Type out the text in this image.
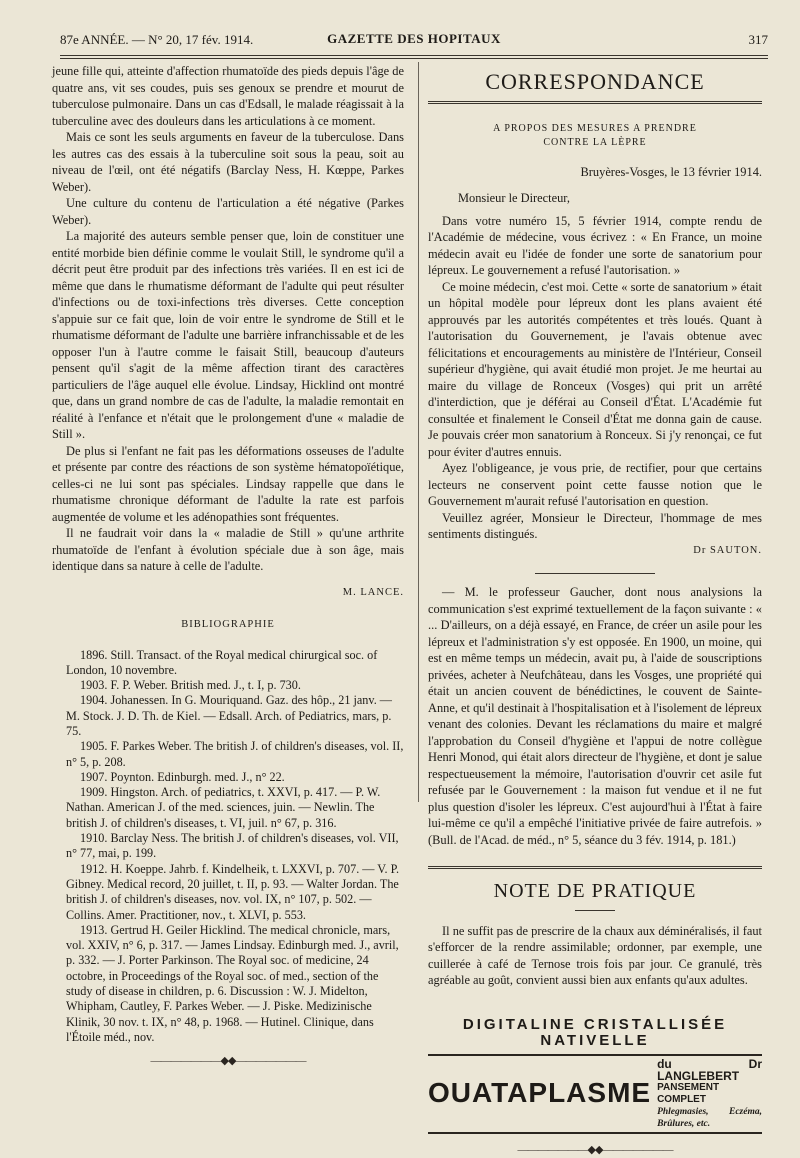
87e ANNÉE. — N° 20, 17 fév. 1914.	GAZETTE DES HOPITAUX	317

jeune fille qui, atteinte d'affection rhumatoïde des pieds depuis l'âge de quatre ans, vit ses coudes, puis ses genoux se prendre et mourut de tuberculose pulmonaire. Dans un cas d'Edsall, le malade réagissait à la tuberculine avec des douleurs dans les articulations à ce moment.

Mais ce sont les seuls arguments en faveur de la tuberculose. Dans les autres cas des essais à la tuberculine soit sous la peau, soit au niveau de l'œil, ont été négatifs (Barclay Ness, H. Kœppe, Parkes Weber).

Une culture du contenu de l'articulation a été négative (Parkes Weber).

La majorité des auteurs semble penser que, loin de constituer une entité morbide bien définie comme le voulait Still, le syndrome qu'il a décrit peut être produit par des infections très variées. Il en est ici de même que dans le rhumatisme déformant de l'adulte qui peut résulter d'infections ou de toxi-infections très diverses. Cette conception s'appuie sur ce fait que, loin de voir entre le syndrome de Still et le rhumatisme déformant de l'adulte une barrière infranchissable et de les opposer l'un à l'autre comme le faisait Still, beaucoup d'auteurs pensent qu'il s'agit de la même affection tirant des caractères particuliers de l'âge auquel elle évolue. Lindsay, Hicklind ont montré que, dans un grand nombre de cas de l'adulte, la maladie remontait en réalité à l'enfance et n'était que le prolongement d'une « maladie de Still ».

De plus si l'enfant ne fait pas les déformations osseuses de l'adulte et présente par contre des réactions de son système hématopoïétique, celles-ci ne lui sont pas spéciales. Lindsay rappelle que dans le rhumatisme chronique déformant de l'adulte la rate est parfois augmentée de volume et les adénopathies sont fréquentes.

Il ne faudrait voir dans la « maladie de Still » qu'une arthrite rhumatoïde de l'enfant à évolution spéciale due à son âge, mais identique dans sa nature à celle de l'adulte.

M. LANCE.
BIBLIOGRAPHIE

1896. Still. Transact. of the Royal medical chirurgical soc. of London, 10 novembre.

1903. F. P. Weber. British med. J., t. I, p. 730.

1904. Johanessen. In G. Mouriquand. Gaz. des hôp., 21 janv. — M. Stock. J. D. Th. de Kiel. — Edsall. Arch. of Pediatrics, mars, p. 75.

1905. F. Parkes Weber. The british J. of children's diseases, vol. II, n° 5, p. 208.

1907. Poynton. Edinburgh. med. J., n° 22.

1909. Hingston. Arch. of pediatrics, t. XXVI, p. 417. — P. W. Nathan. American J. of the med. sciences, juin. — Newlin. The british J. of children's diseases, t. VI, juil. n° 67, p. 316.

1910. Barclay Ness. The british J. of children's diseases, vol. VII, n° 77, mai, p. 199.

1912. H. Koeppe. Jahrb. f. Kindelheik, t. LXXVI, p. 707. — V. P. Gibney. Medical record, 20 juillet, t. II, p. 93. — Walter Jordan. The british J. of children's diseases, nov. vol. IX, n° 107, p. 502. — Collins. Amer. Practitioner, nov., t. XLVI, p. 553.

1913. Gertrud H. Geiler Hicklind. The medical chronicle, mars, vol. XXIV, n° 6, p. 317. — James Lindsay. Edinburgh med. J., avril, p. 332. — J. Porter Parkinson. The Royal soc. of medicine, 24 octobre, in Proceedings of the Royal soc. of med., section of the study of disease in children, p. 6. Discussion : W. J. Midelton, Whipham, Cautley, F. Parkes Weber. — J. Piske. Medizinische Klinik, 30 nov. t. IX, n° 48, p. 1968. — Hutinel. Clinique, dans l'Étoile méd., nov.

———————◆◆———————
CORRESPONDANCE
A PROPOS DES MESURES A PRENDRE
CONTRE LA LÈPRE
Bruyères-Vosges, le 13 février 1914.

Monsieur le Directeur,

Dans votre numéro 15, 5 février 1914, compte rendu de l'Académie de médecine, vous écrivez : « En France, un moine médecin avait eu l'idée de fonder une sorte de sanatorium pour lépreux. Le gouvernement a refusé l'autorisation. »

Ce moine médecin, c'est moi. Cette « sorte de sanatorium » était un hôpital modèle pour lépreux dont les plans avaient été approuvés par les autorités compétentes et très loués. Quant à l'autorisation du Gouvernement, je l'avais obtenue avec félicitations et encouragements au ministère de l'Intérieur, Conseil supérieur d'hygiène, qui avait étudié mon projet. Je me heurtai au maire du village de Ronceux (Vosges) qui prit un arrêté d'interdiction, que je déférai au Conseil d'État. L'Académie fut consultée et finalement le Conseil d'État me donna gain de cause. Je pouvais créer mon sanatorium à Ronceux. Si j'y renonçai, ce fut pour éviter d'autres ennuis.

Ayez l'obligeance, je vous prie, de rectifier, pour que certains lecteurs ne conservent point cette fausse notion que le Gouvernement m'aurait refusé l'autorisation en question.

Veuillez agréer, Monsieur le Directeur, l'hommage de mes sentiments distingués.

Dr SAUTON.

— M. le professeur Gaucher, dont nous analysions la communication s'est exprimé textuellement de la façon suivante : « ... D'ailleurs, on a déjà essayé, en France, de créer un asile pour les lépreux et l'administration s'y est opposée. En 1900, un moine, qui est en même temps un médecin, avait pu, à l'aide de souscriptions privées, acheter à Neufchâteau, dans les Vosges, une propriété qui était un ancien couvent de bénédictines, le couvent de Sainte-Anne, et qu'il destinait à l'hospitalisation et à l'isolement de lépreux venant des colonies. Devant les réclamations du maire et malgré l'approbation du Conseil d'hygiène et l'appui de notre collègue Henri Monod, qui était alors directeur de l'hygiène, et dont je salue respectueusement la mémoire, l'autorisation d'ouvrir cet asile fut refusée par le Gouvernement : la maison fut vendue et il ne fut plus question d'isoler les lépreux. C'est aujourd'hui à l'État à faire lui-même ce qu'il a empêché l'initiative privée de faire autrefois. » (Bull. de l'Acad. de méd., n° 5, séance du 3 fév. 1914, p. 181.)

NOTE DE PRATIQUE

Il ne suffit pas de prescrire de la chaux aux déminéralisés, il faut s'efforcer de la rendre assimilable; ordonner, par exemple, une cuillerée à café de Ternose trois fois par jour. Ce granulé, très agréable au goût, convient aussi bien aux enfants qu'aux adultes.

DIGITALINE CRISTALLISÉE NATIVELLE
OUATAPLASME
du Dr LANGLEBERT
PANSEMENT COMPLET
Phlegmasies, Eczéma, Brûlures, etc.
———————◆◆———————
